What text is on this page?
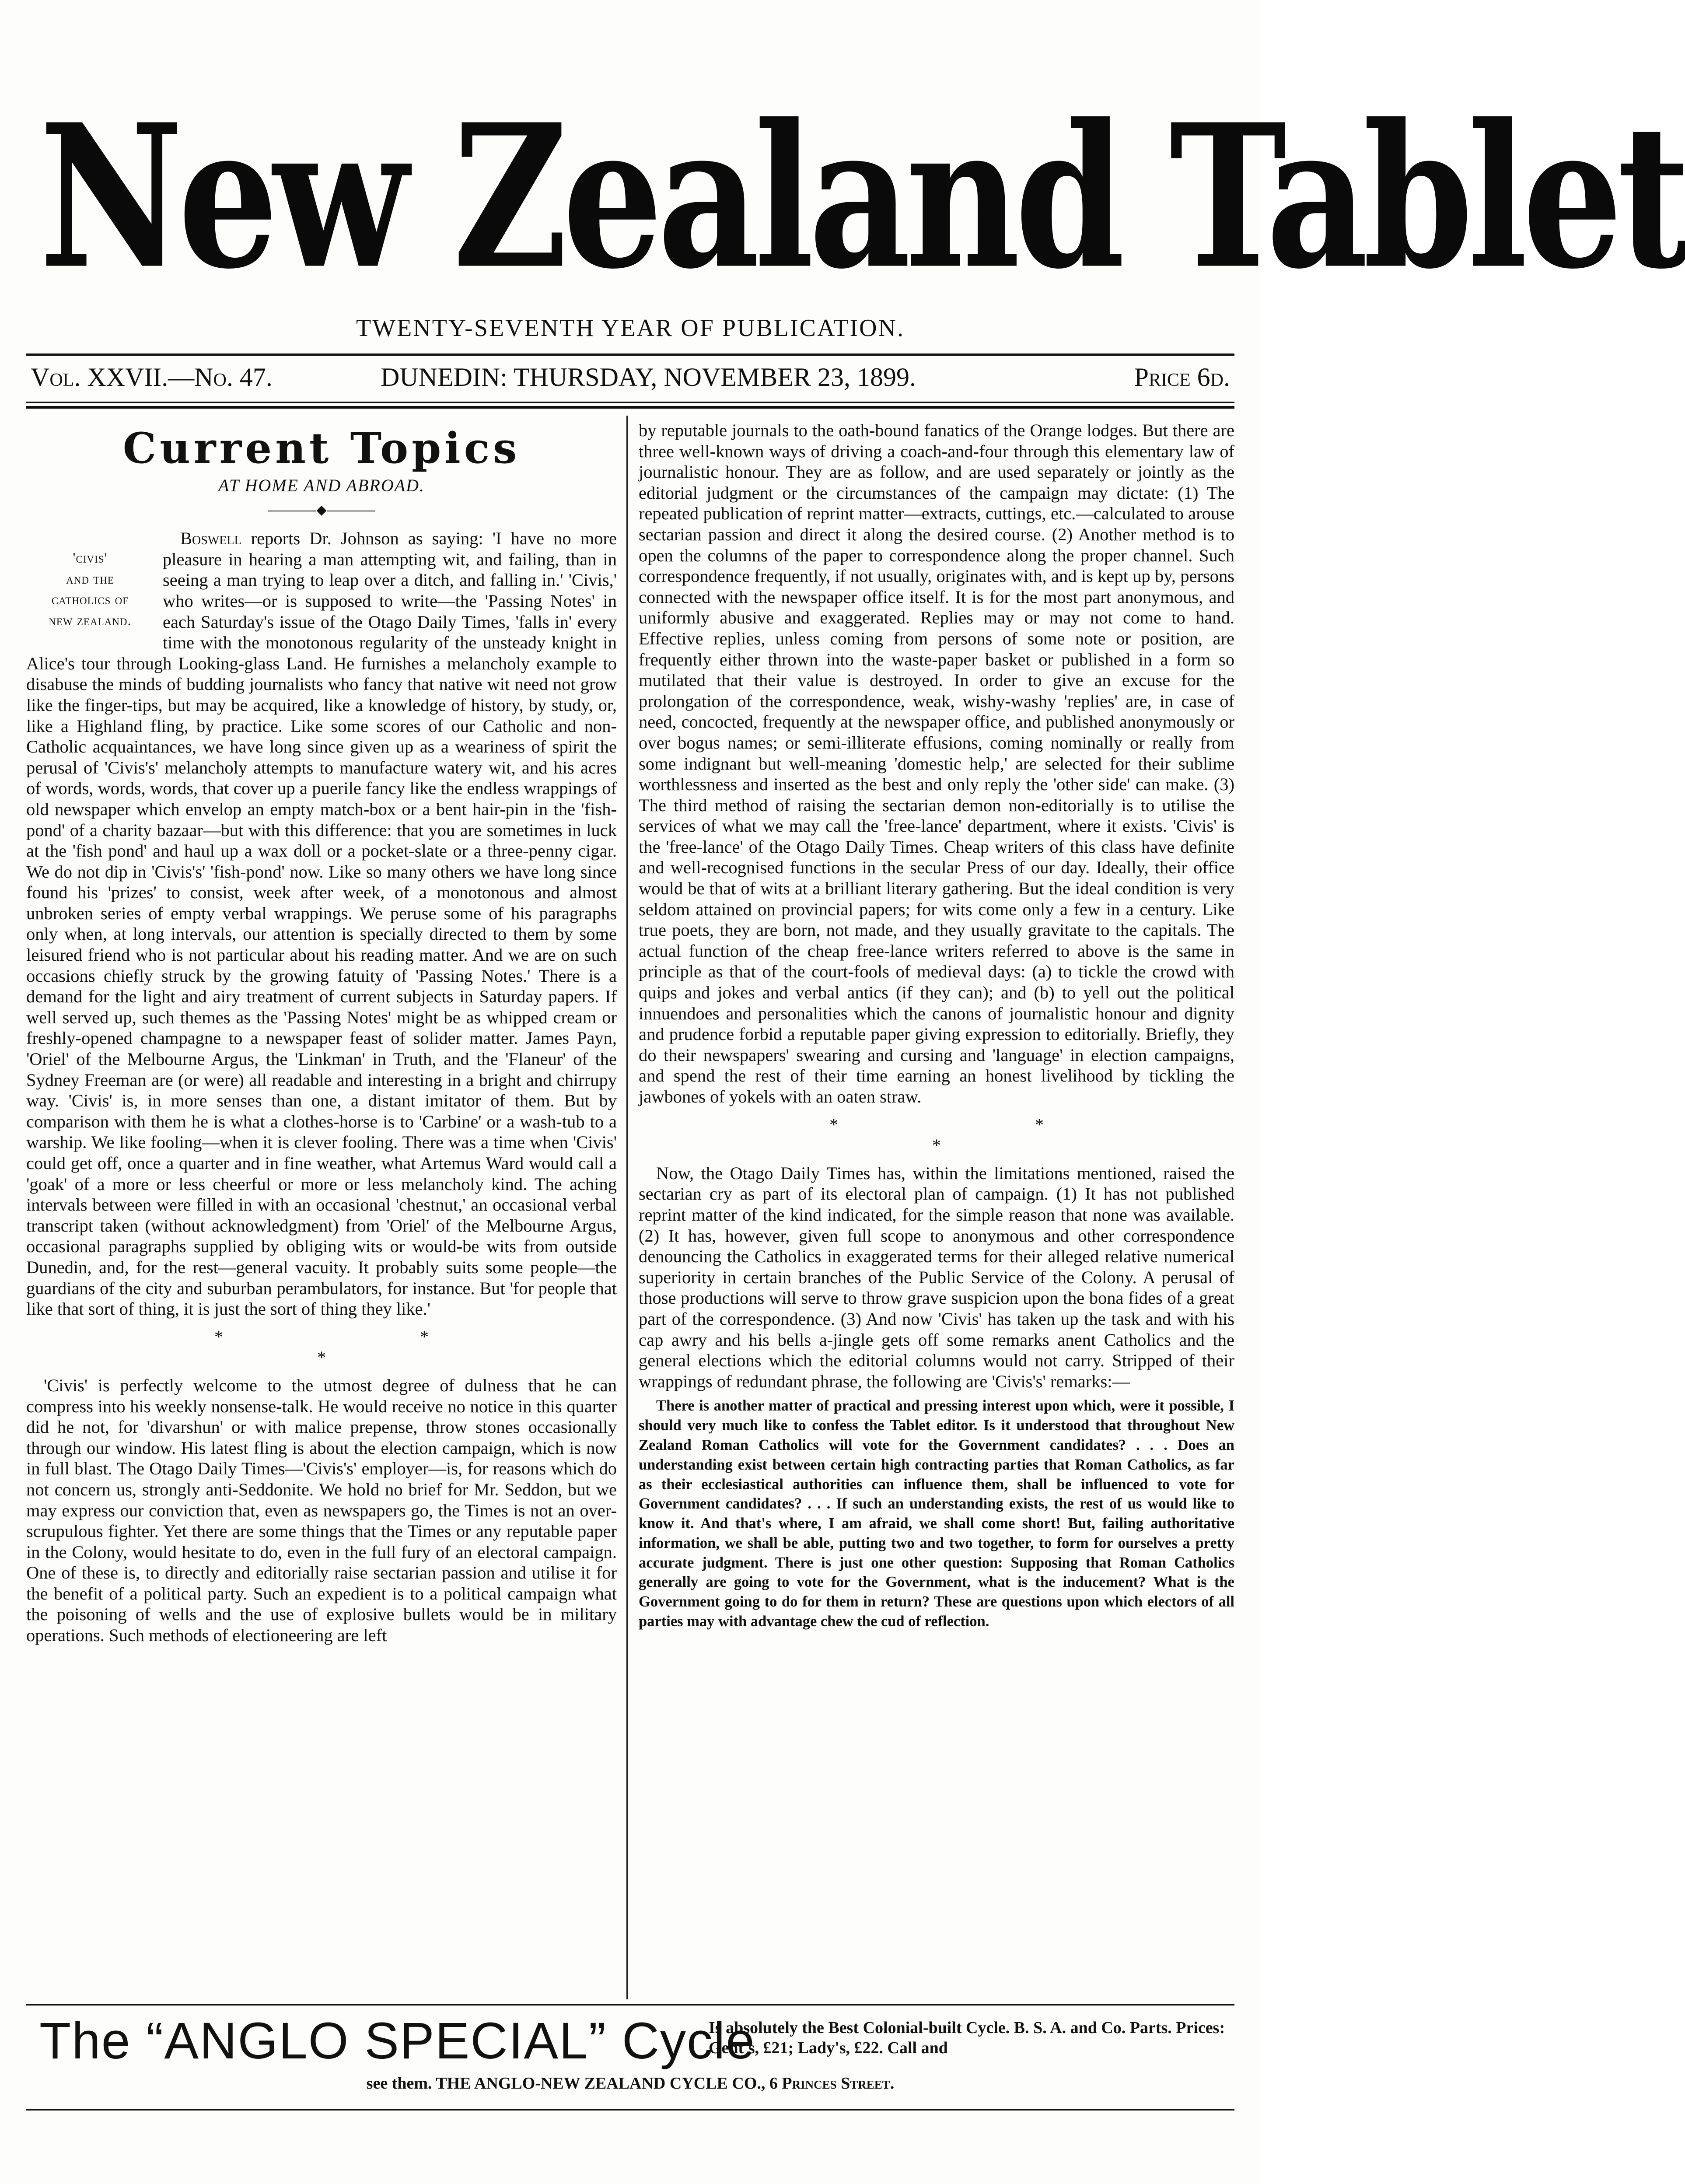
New Zealand Tablet
TWENTY-SEVENTH YEAR OF PUBLICATION.
Vol. XXVII.—No. 47.	DUNEDIN: THURSDAY, NOVEMBER 23, 1899.	Price 6d.
Current Topics
AT HOME AND ABROAD.
◆
'civis'
and the
catholics of
new zealand.

Boswell reports Dr. Johnson as saying: 'I have no more pleasure in hearing a man attempting wit, and failing, than in seeing a man trying to leap over a ditch, and falling in.' 'Civis,' who writes—or is supposed to write—the 'Passing Notes' in each Saturday's issue of the Otago Daily Times, 'falls in' every time with the monotonous regularity of the unsteady knight in Alice's tour through Looking-glass Land. He furnishes a melancholy example to disabuse the minds of budding journalists who fancy that native wit need not grow like the finger-tips, but may be acquired, like a knowledge of history, by study, or, like a Highland fling, by practice. Like some scores of our Catholic and non-Catholic acquaintances, we have long since given up as a weariness of spirit the perusal of 'Civis's' melancholy attempts to manufacture watery wit, and his acres of words, words, words, that cover up a puerile fancy like the endless wrappings of old newspaper which envelop an empty match-box or a bent hair-pin in the 'fish-pond' of a charity bazaar—but with this difference: that you are sometimes in luck at the 'fish pond' and haul up a wax doll or a pocket-slate or a three-penny cigar. We do not dip in 'Civis's' 'fish-pond' now. Like so many others we have long since found his 'prizes' to consist, week after week, of a monotonous and almost unbroken series of empty verbal wrappings. We peruse some of his paragraphs only when, at long intervals, our attention is specially directed to them by some leisured friend who is not particular about his reading matter. And we are on such occasions chiefly struck by the growing fatuity of 'Passing Notes.' There is a demand for the light and airy treatment of current subjects in Saturday papers. If well served up, such themes as the 'Passing Notes' might be as whipped cream or freshly-opened champagne to a newspaper feast of solider matter. James Payn, 'Oriel' of the Melbourne Argus, the 'Linkman' in Truth, and the 'Flaneur' of the Sydney Freeman are (or were) all readable and interesting in a bright and chirrupy way. 'Civis' is, in more senses than one, a distant imitator of them. But by comparison with them he is what a clothes-horse is to 'Carbine' or a wash-tub to a warship. We like fooling—when it is clever fooling. There was a time when 'Civis' could get off, once a quarter and in fine weather, what Artemus Ward would call a 'goak' of a more or less cheerful or more or less melancholy kind. The aching intervals between were filled in with an occasional 'chestnut,' an occasional verbal transcript taken (without acknowledgment) from 'Oriel' of the Melbourne Argus, occasional paragraphs supplied by obliging wits or would-be wits from outside Dunedin, and, for the rest—general vacuity. It probably suits some people—the guardians of the city and suburban perambulators, for instance. But 'for people that like that sort of thing, it is just the sort of thing they like.'

* * *

'Civis' is perfectly welcome to the utmost degree of dulness that he can compress into his weekly nonsense-talk. He would receive no notice in this quarter did he not, for 'divarshun' or with malice prepense, throw stones occasionally through our window. His latest fling is about the election campaign, which is now in full blast. The Otago Daily Times—'Civis's' employer—is, for reasons which do not concern us, strongly anti-Seddonite. We hold no brief for Mr. Seddon, but we may express our conviction that, even as newspapers go, the Times is not an over-scrupulous fighter. Yet there are some things that the Times or any reputable paper in the Colony, would hesitate to do, even in the full fury of an electoral campaign. One of these is, to directly and editorially raise sectarian passion and utilise it for the benefit of a political party. Such an expedient is to a political campaign what the poisoning of wells and the use of explosive bullets would be in military operations. Such methods of electioneering are left

by reputable journals to the oath-bound fanatics of the Orange lodges. But there are three well-known ways of driving a coach-and-four through this elementary law of journalistic honour. They are as follow, and are used separately or jointly as the editorial judgment or the circumstances of the campaign may dictate: (1) The repeated publication of reprint matter—extracts, cuttings, etc.—calculated to arouse sectarian passion and direct it along the desired course. (2) Another method is to open the columns of the paper to correspondence along the proper channel. Such correspondence frequently, if not usually, originates with, and is kept up by, persons connected with the newspaper office itself. It is for the most part anonymous, and uniformly abusive and exaggerated. Replies may or may not come to hand. Effective replies, unless coming from persons of some note or position, are frequently either thrown into the waste-paper basket or published in a form so mutilated that their value is destroyed. In order to give an excuse for the prolongation of the correspondence, weak, wishy-washy 'replies' are, in case of need, concocted, frequently at the newspaper office, and published anonymously or over bogus names; or semi-illiterate effusions, coming nominally or really from some indignant but well-meaning 'domestic help,' are selected for their sublime worthlessness and inserted as the best and only reply the 'other side' can make. (3) The third method of raising the sectarian demon non-editorially is to utilise the services of what we may call the 'free-lance' department, where it exists. 'Civis' is the 'free-lance' of the Otago Daily Times. Cheap writers of this class have definite and well-recognised functions in the secular Press of our day. Ideally, their office would be that of wits at a brilliant literary gathering. But the ideal condition is very seldom attained on provincial papers; for wits come only a few in a century. Like true poets, they are born, not made, and they usually gravitate to the capitals. The actual function of the cheap free-lance writers referred to above is the same in principle as that of the court-fools of medieval days: (a) to tickle the crowd with quips and jokes and verbal antics (if they can); and (b) to yell out the political innuendoes and personalities which the canons of journalistic honour and dignity and prudence forbid a reputable paper giving expression to editorially. Briefly, they do their newspapers' swearing and cursing and 'language' in election campaigns, and spend the rest of their time earning an honest livelihood by tickling the jawbones of yokels with an oaten straw.

* * *

Now, the Otago Daily Times has, within the limitations mentioned, raised the sectarian cry as part of its electoral plan of campaign. (1) It has not published reprint matter of the kind indicated, for the simple reason that none was available. (2) It has, however, given full scope to anonymous and other correspondence denouncing the Catholics in exaggerated terms for their alleged relative numerical superiority in certain branches of the Public Service of the Colony. A perusal of those productions will serve to throw grave suspicion upon the bona fides of a great part of the correspondence. (3) And now 'Civis' has taken up the task and with his cap awry and his bells a-jingle gets off some remarks anent Catholics and the general elections which the editorial columns would not carry. Stripped of their wrappings of redundant phrase, the following are 'Civis's' remarks:—

There is another matter of practical and pressing interest upon which, were it possible, I should very much like to confess the Tablet editor. Is it understood that throughout New Zealand Roman Catholics will vote for the Government candidates? . . . Does an understanding exist between certain high contracting parties that Roman Catholics, as far as their ecclesiastical authorities can influence them, shall be influenced to vote for Government candidates? . . . If such an understanding exists, the rest of us would like to know it. And that's where, I am afraid, we shall come short! But, failing authoritative information, we shall be able, putting two and two together, to form for ourselves a pretty accurate judgment. There is just one other question: Supposing that Roman Catholics generally are going to vote for the Government, what is the inducement? What is the Government going to do for them in return? These are questions upon which electors of all parties may with advantage chew the cud of reflection.

The “ANGLO SPECIAL” Cycle
Is absolutely the Best Colonial-built Cycle. B. S. A. and Co. Parts. Prices: Gent's, £21; Lady's, £22. Call and
see them. THE ANGLO-NEW ZEALAND CYCLE CO., 6 Princes Street.
